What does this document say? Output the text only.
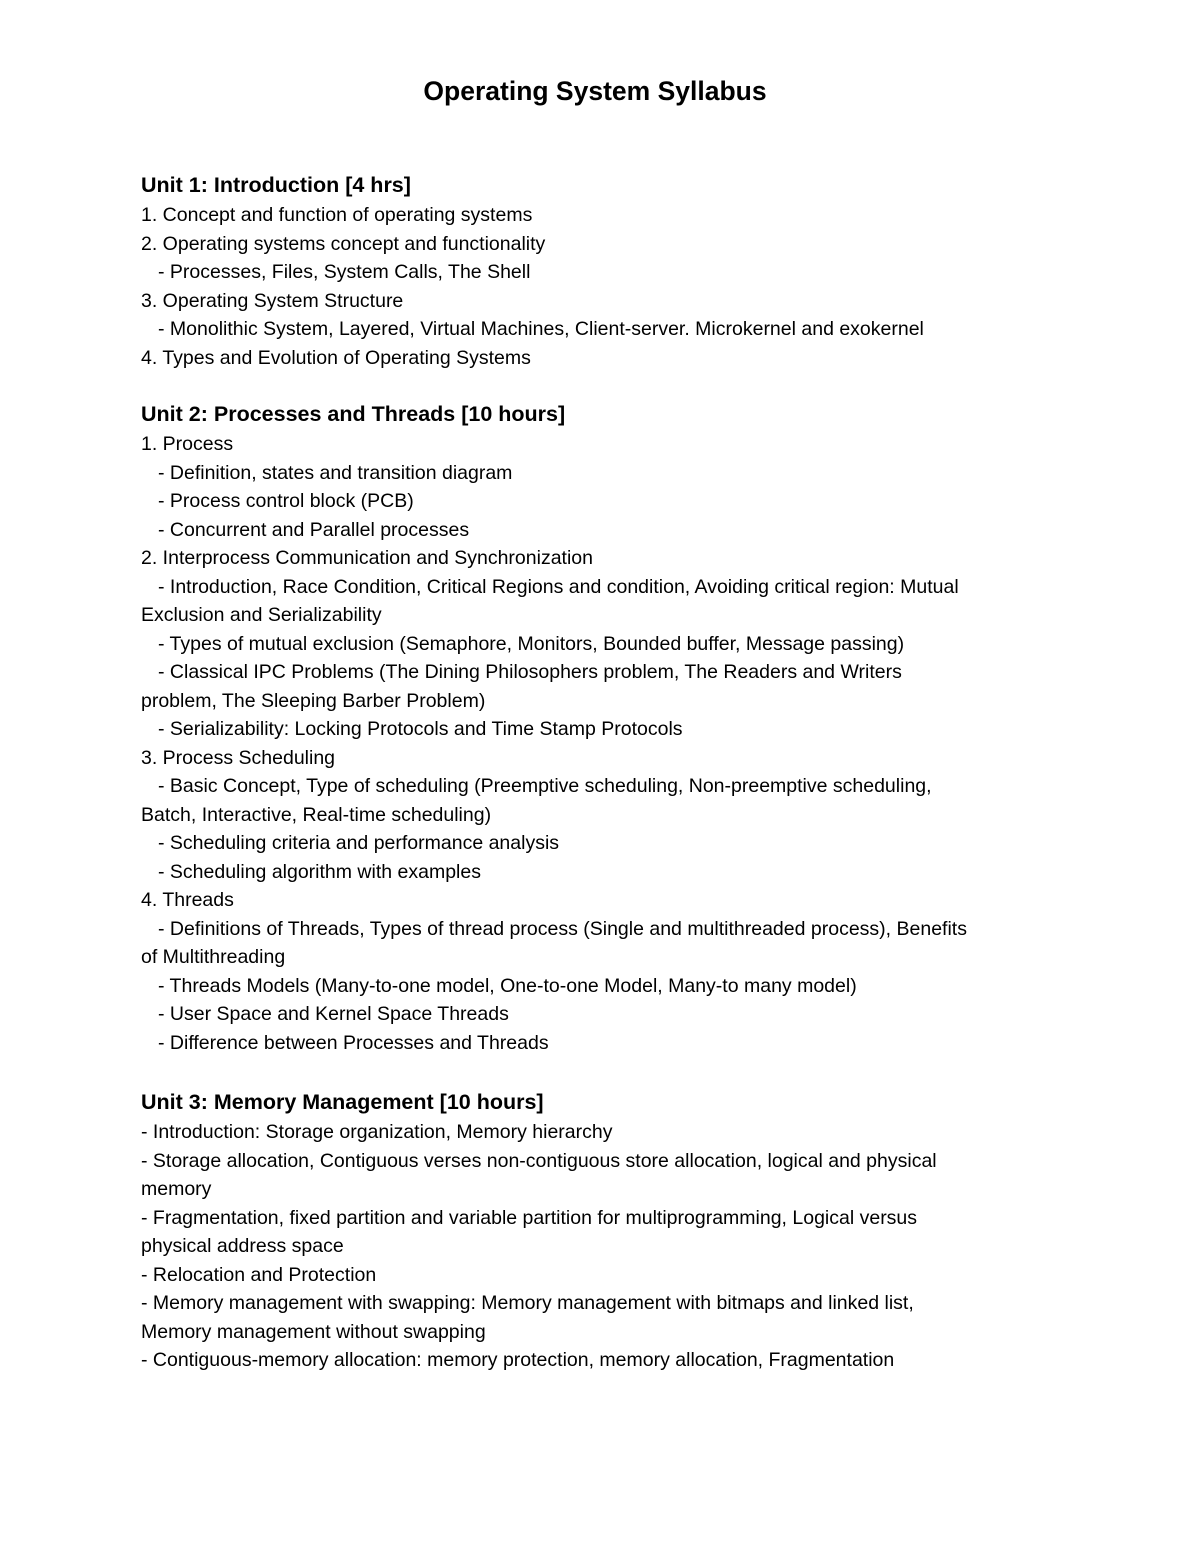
Operating System Syllabus
Unit 1: Introduction [4 hrs]

1. Concept and function of operating systems

2. Operating systems concept and functionality

- Processes, Files, System Calls, The Shell

3. Operating System Structure

- Monolithic System, Layered, Virtual Machines, Client-server. Microkernel and exokernel

4. Types and Evolution of Operating Systems

Unit 2: Processes and Threads [10 hours]

1. Process

- Definition, states and transition diagram

- Process control block (PCB)

- Concurrent and Parallel processes

2. Interprocess Communication and Synchronization

- Introduction, Race Condition, Critical Regions and condition, Avoiding critical region: Mutual

Exclusion and Serializability

- Types of mutual exclusion (Semaphore, Monitors, Bounded buffer, Message passing)

- Classical IPC Problems (The Dining Philosophers problem, The Readers and Writers

problem, The Sleeping Barber Problem)

- Serializability: Locking Protocols and Time Stamp Protocols

3. Process Scheduling

- Basic Concept, Type of scheduling (Preemptive scheduling, Non-preemptive scheduling,

Batch, Interactive, Real-time scheduling)

- Scheduling criteria and performance analysis

- Scheduling algorithm with examples

4. Threads

- Definitions of Threads, Types of thread process (Single and multithreaded process), Benefits

of Multithreading

- Threads Models (Many-to-one model, One-to-one Model, Many-to many model)

- User Space and Kernel Space Threads

- Difference between Processes and Threads

Unit 3: Memory Management [10 hours]

- Introduction: Storage organization, Memory hierarchy

- Storage allocation, Contiguous verses non-contiguous store allocation, logical and physical

memory

- Fragmentation, fixed partition and variable partition for multiprogramming, Logical versus

physical address space

- Relocation and Protection

- Memory management with swapping: Memory management with bitmaps and linked list,

Memory management without swapping

- Contiguous-memory allocation: memory protection, memory allocation, Fragmentation
